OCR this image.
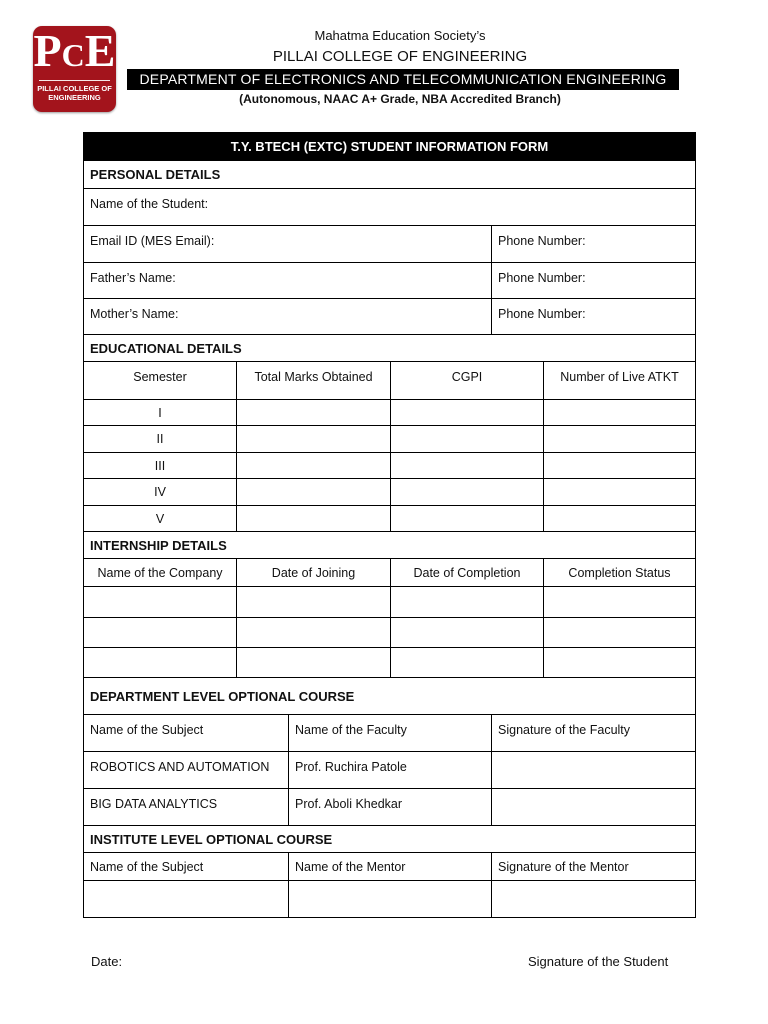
PCE
PILLAI COLLEGE OF ENGINEERING
Mahatma Education Society’s
PILLAI COLLEGE OF ENGINEERING
DEPARTMENT OF ELECTRONICS AND TELECOMMUNICATION ENGINEERING
(Autonomous, NAAC A+ Grade, NBA Accredited Branch)
T.Y. BTECH (EXTC) STUDENT INFORMATION FORM					
PERSONAL DETAILS					
Name of the Student:					
Email ID (MES Email):				Phone Number:	
Father’s Name:				Phone Number:	
Mother’s Name:				Phone Number:	
EDUCATIONAL DETAILS					
Semester	Total Marks Obtained		CGPI		Number of Live ATKT
I					
II					
III					
IV					
V					
INTERNSHIP DETAILS					
Name of the Company	Date of Joining		Date of Completion		Completion Status

DEPARTMENT LEVEL OPTIONAL COURSE					
Name of the Subject		Name of the Faculty		Signature of the Faculty	
ROBOTICS AND AUTOMATION		Prof. Ruchira Patole			
BIG DATA ANALYTICS		Prof. Aboli Khedkar			
INSTITUTE LEVEL OPTIONAL COURSE					
Name of the Subject		Name of the Mentor		Signature of the Mentor	

Date:	Signature of the Student
